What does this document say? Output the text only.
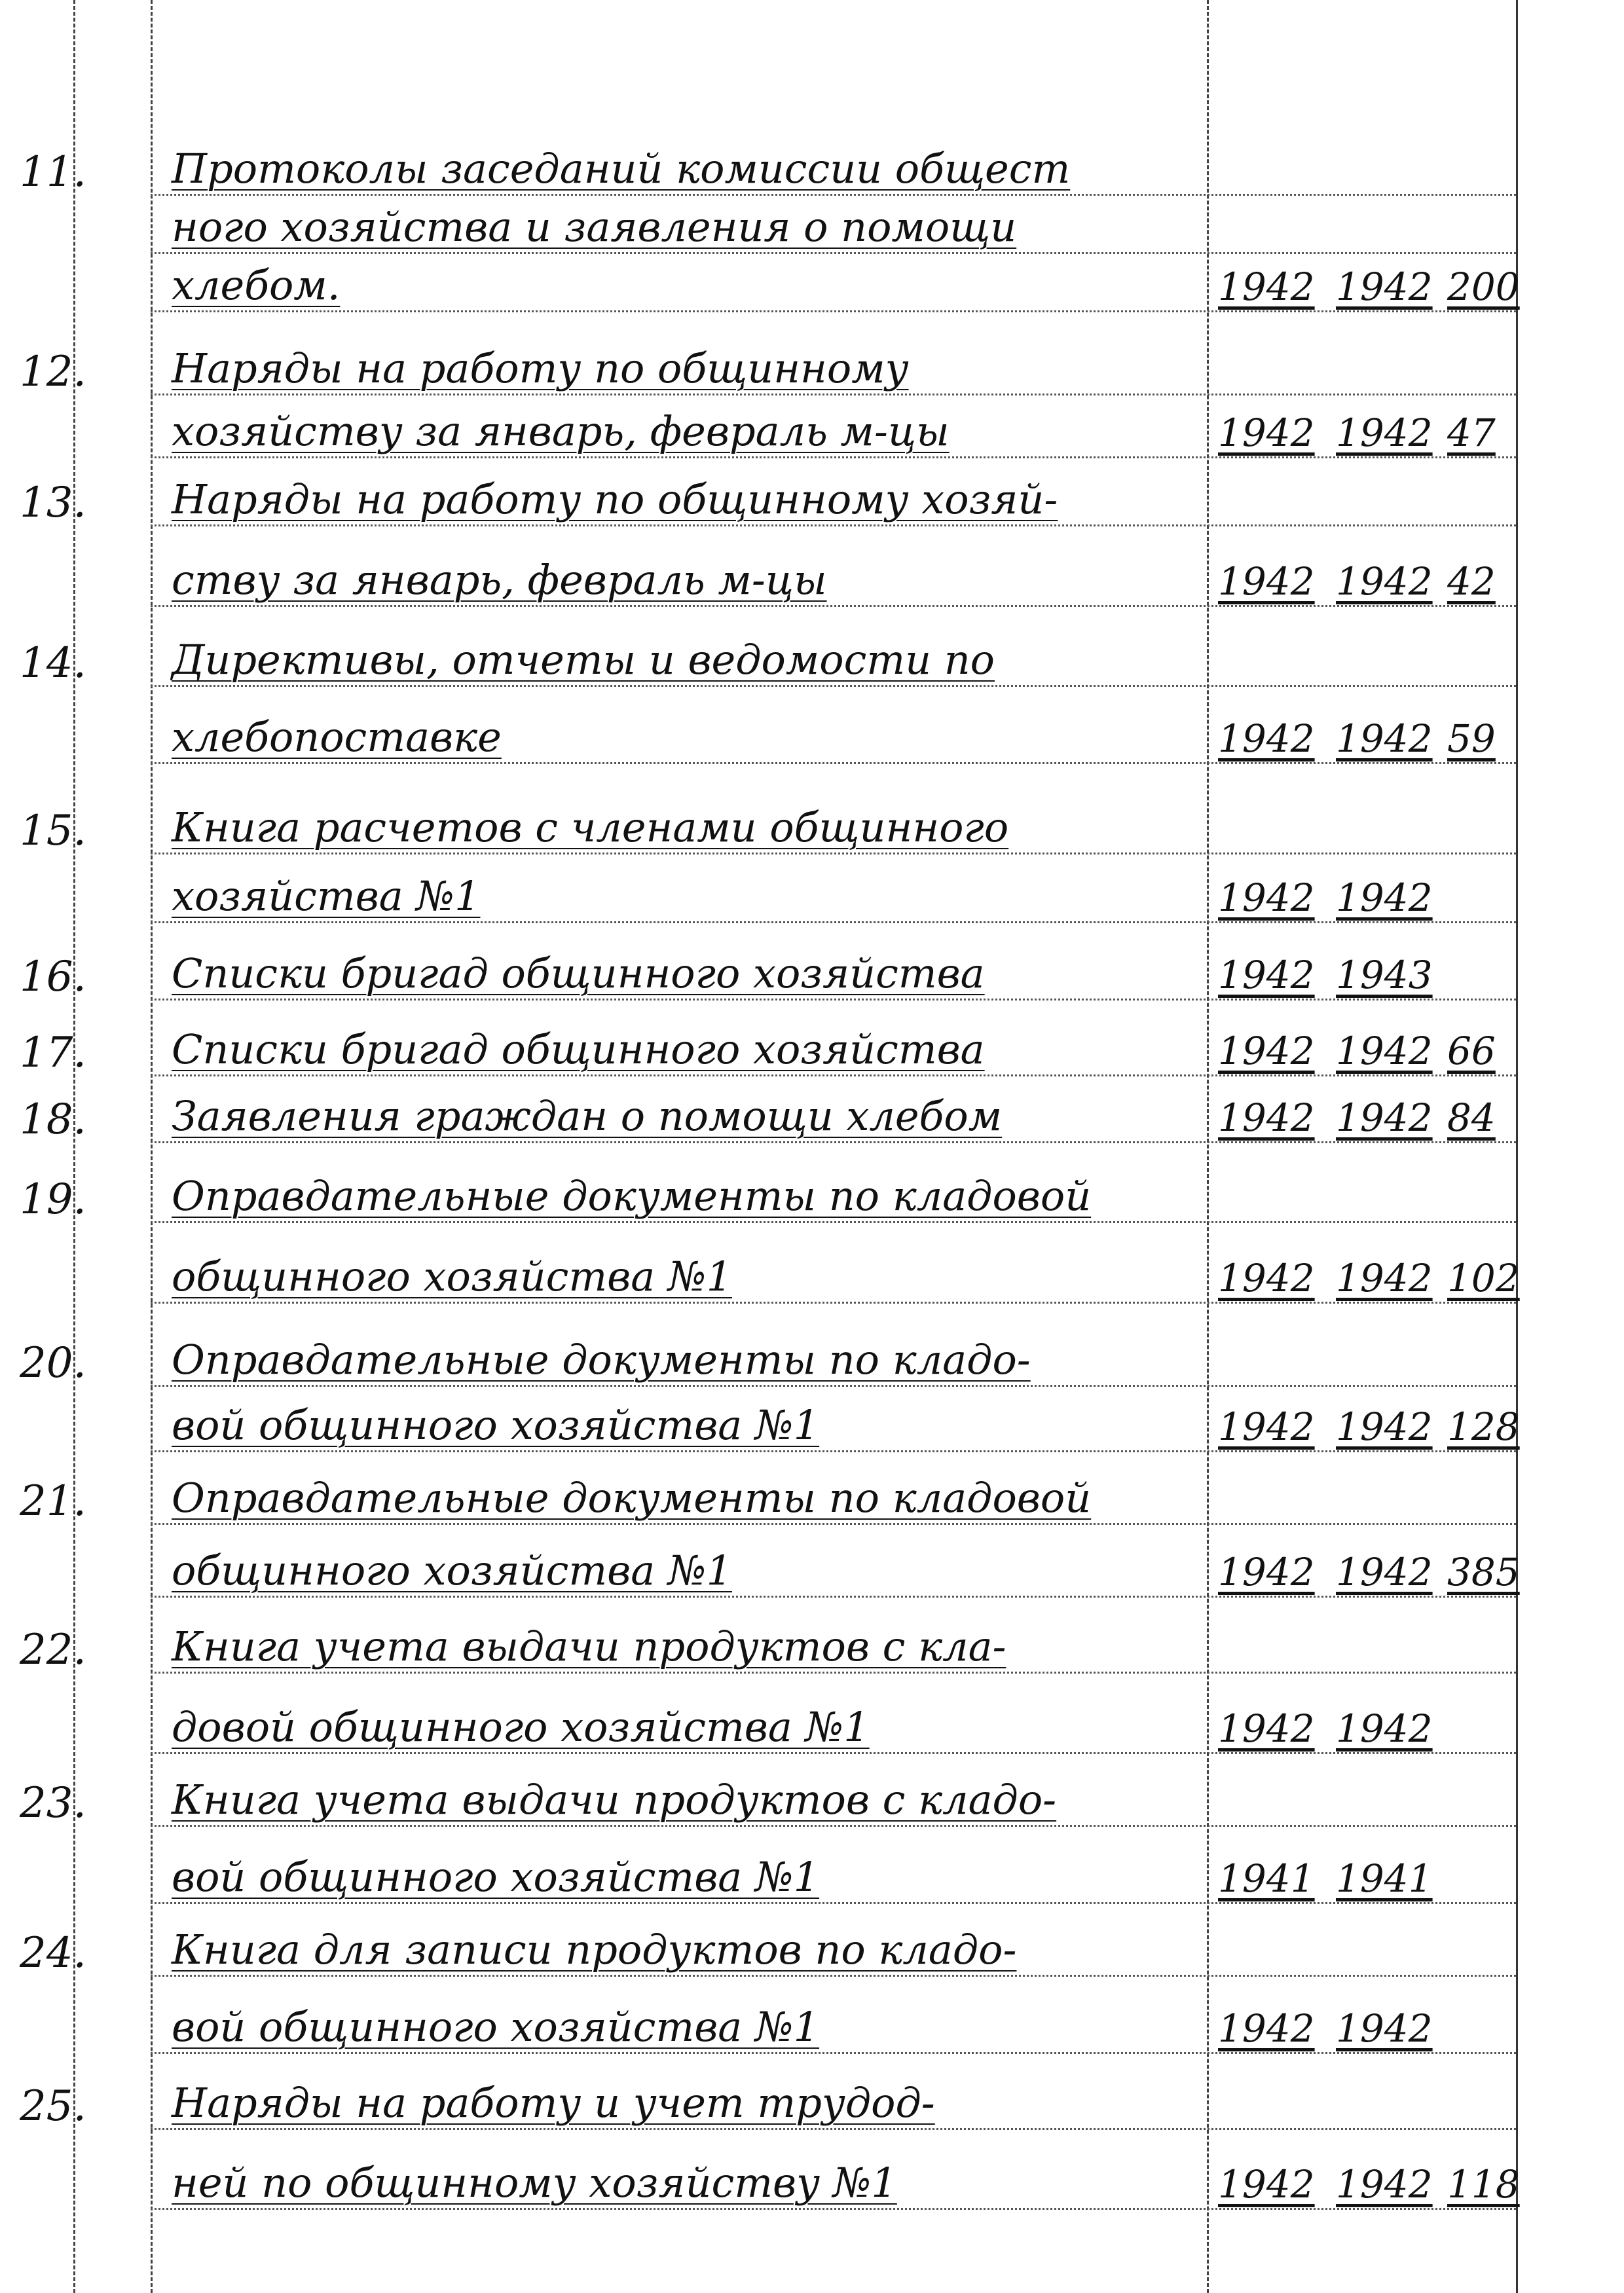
11. Протоколы заседаний комиссии общест
ного хозяйства и заявления о помощи
хлебом.	1942 1942 200
12. Наряды на работу по общинному
хозяйству за январь, февраль м-цы	1942 1942 47
13. Наряды на работу по общинному хозяй-
ству за январь, февраль м-цы	1942 1942 42
14. Директивы, отчеты и ведомости по
хлебопоставке	1942 1942 59
15. Книга расчетов с членами общинного
хозяйства №1	1942 1942
16. Списки бригад общинного хозяйства	1942 1943
17. Списки бригад общинного хозяйства	1942 1942 66
18. Заявления граждан о помощи хлебом	1942 1942 84
19. Оправдательные документы по кладовой
общинного хозяйства №1	1942 1942 102
20. Оправдательные документы по кладо-
вой общинного хозяйства №1	1942 1942 128
21. Оправдательные документы по кладовой
общинного хозяйства №1	1942 1942 385
22. Книга учета выдачи продуктов с кла-
довой общинного хозяйства №1	1942 1942
23. Книга учета выдачи продуктов с кладо-
вой общинного хозяйства №1	1941 1941
24. Книга для записи продуктов по кладо-
вой общинного хозяйства №1	1942 1942
25. Наряды на работу и учет трудод-
ней по общинному хозяйству №1	1942 1942 118
